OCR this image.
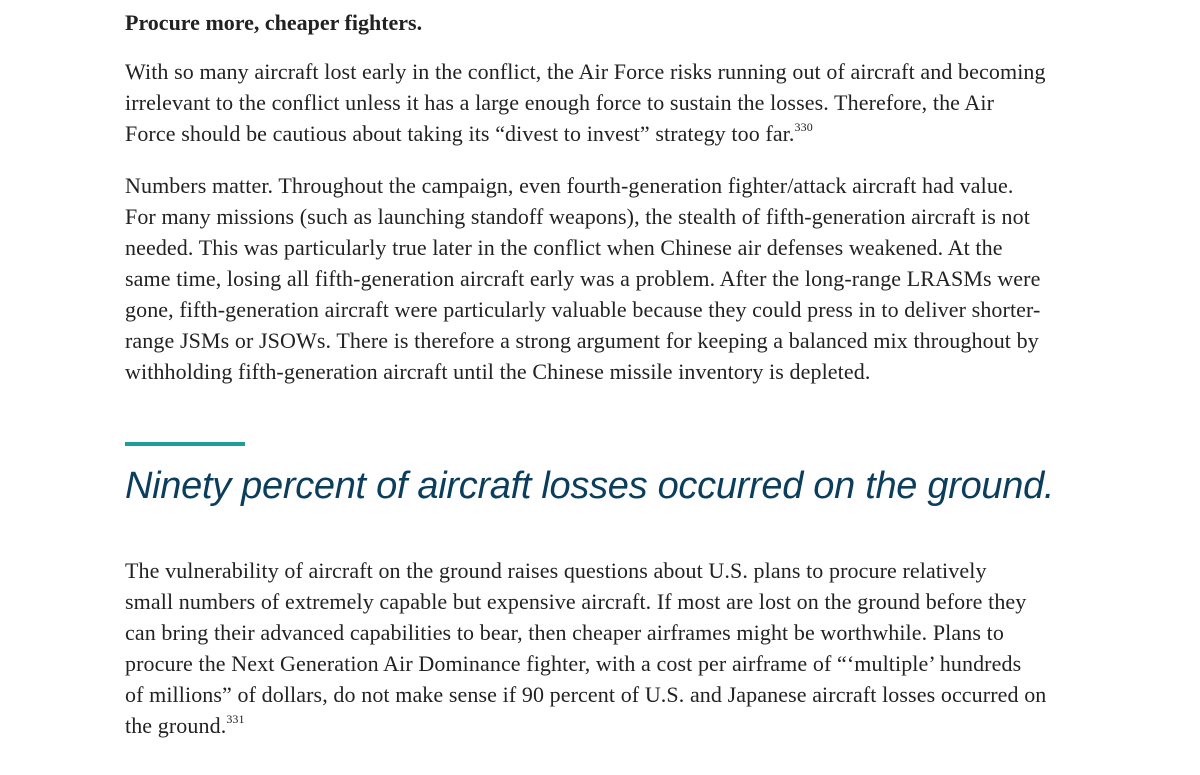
Procure more, cheaper fighters.

With so many aircraft lost early in the conflict, the Air Force risks running out of aircraft and becoming
irrelevant to the conflict unless it has a large enough force to sustain the losses. Therefore, the Air
Force should be cautious about taking its “divest to invest” strategy too far.$^{330}$

Numbers matter. Throughout the campaign, even fourth-generation fighter/attack aircraft had value.
For many missions (such as launching standoff weapons), the stealth of fifth-generation aircraft is not
needed. This was particularly true later in the conflict when Chinese air defenses weakened. At the
same time, losing all fifth-generation aircraft early was a problem. After the long-range LRASMs were
gone, fifth-generation aircraft were particularly valuable because they could press in to deliver shorter-
range JSMs or JSOWs. There is therefore a strong argument for keeping a balanced mix throughout by
withholding fifth-generation aircraft until the Chinese missile inventory is depleted.

Ninety percent of aircraft losses occurred on the ground.

The vulnerability of aircraft on the ground raises questions about U.S. plans to procure relatively
small numbers of extremely capable but expensive aircraft. If most are lost on the ground before they
can bring their advanced capabilities to bear, then cheaper airframes might be worthwhile. Plans to
procure the Next Generation Air Dominance fighter, with a cost per airframe of “‘multiple’ hundreds
of millions” of dollars, do not make sense if 90 percent of U.S. and Japanese aircraft losses occurred on
the ground.$^{331}$
